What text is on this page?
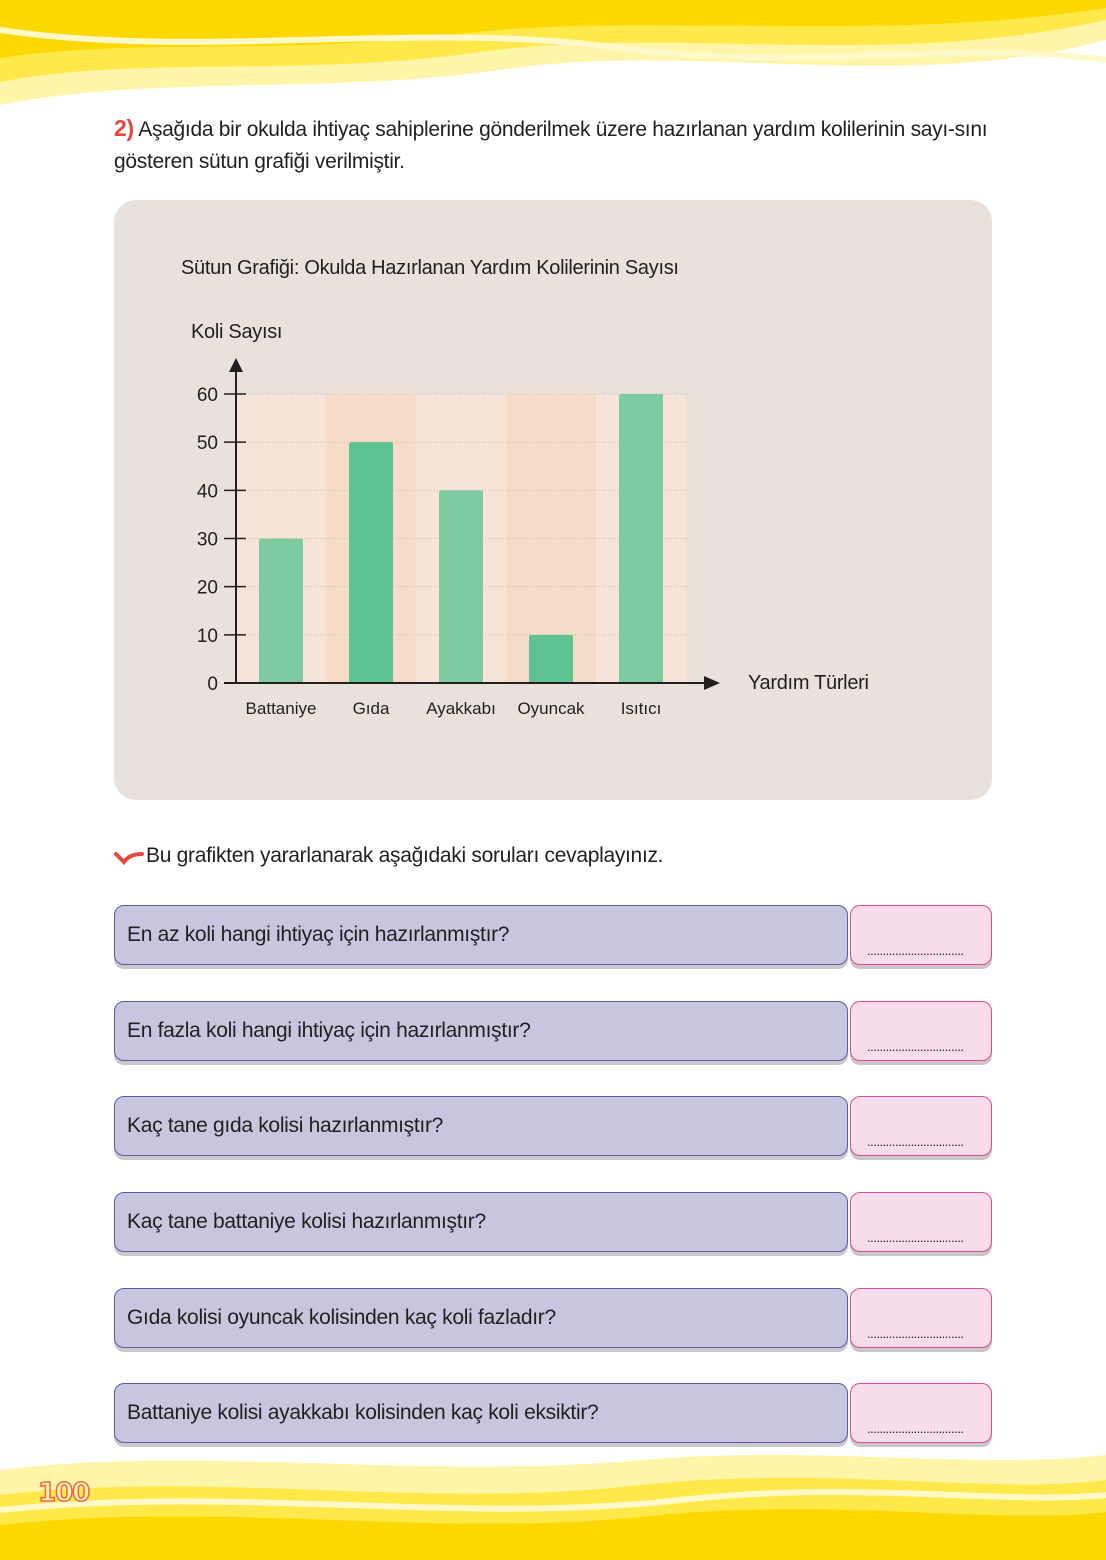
2) Aşağıda bir okulda ihtiyaç sahiplerine gönderilmek üzere hazırlanan yardım kolilerinin sayı-sını gösteren sütun grafiği verilmiştir.
Sütun Grafiği: Okulda Hazırlanan Yardım Kolilerinin Sayısı
Koli Sayısı
Yardım Türleri
0
10
20
30
40
50
60
Battaniye Gıda Ayakkabı Oyuncak Isıtıcı
Bu grafikten yararlanarak aşağıdaki soruları cevaplayınız.
En az koli hangi ihtiyaç için hazırlanmıştır?
...............................
En fazla koli hangi ihtiyaç için hazırlanmıştır?
...............................
Kaç tane gıda kolisi hazırlanmıştır?
...............................
Kaç tane battaniye kolisi hazırlanmıştır?
...............................
Gıda kolisi oyuncak kolisinden kaç koli fazladır?
...............................
Battaniye kolisi ayakkabı kolisinden kaç koli eksiktir?
...............................
100
